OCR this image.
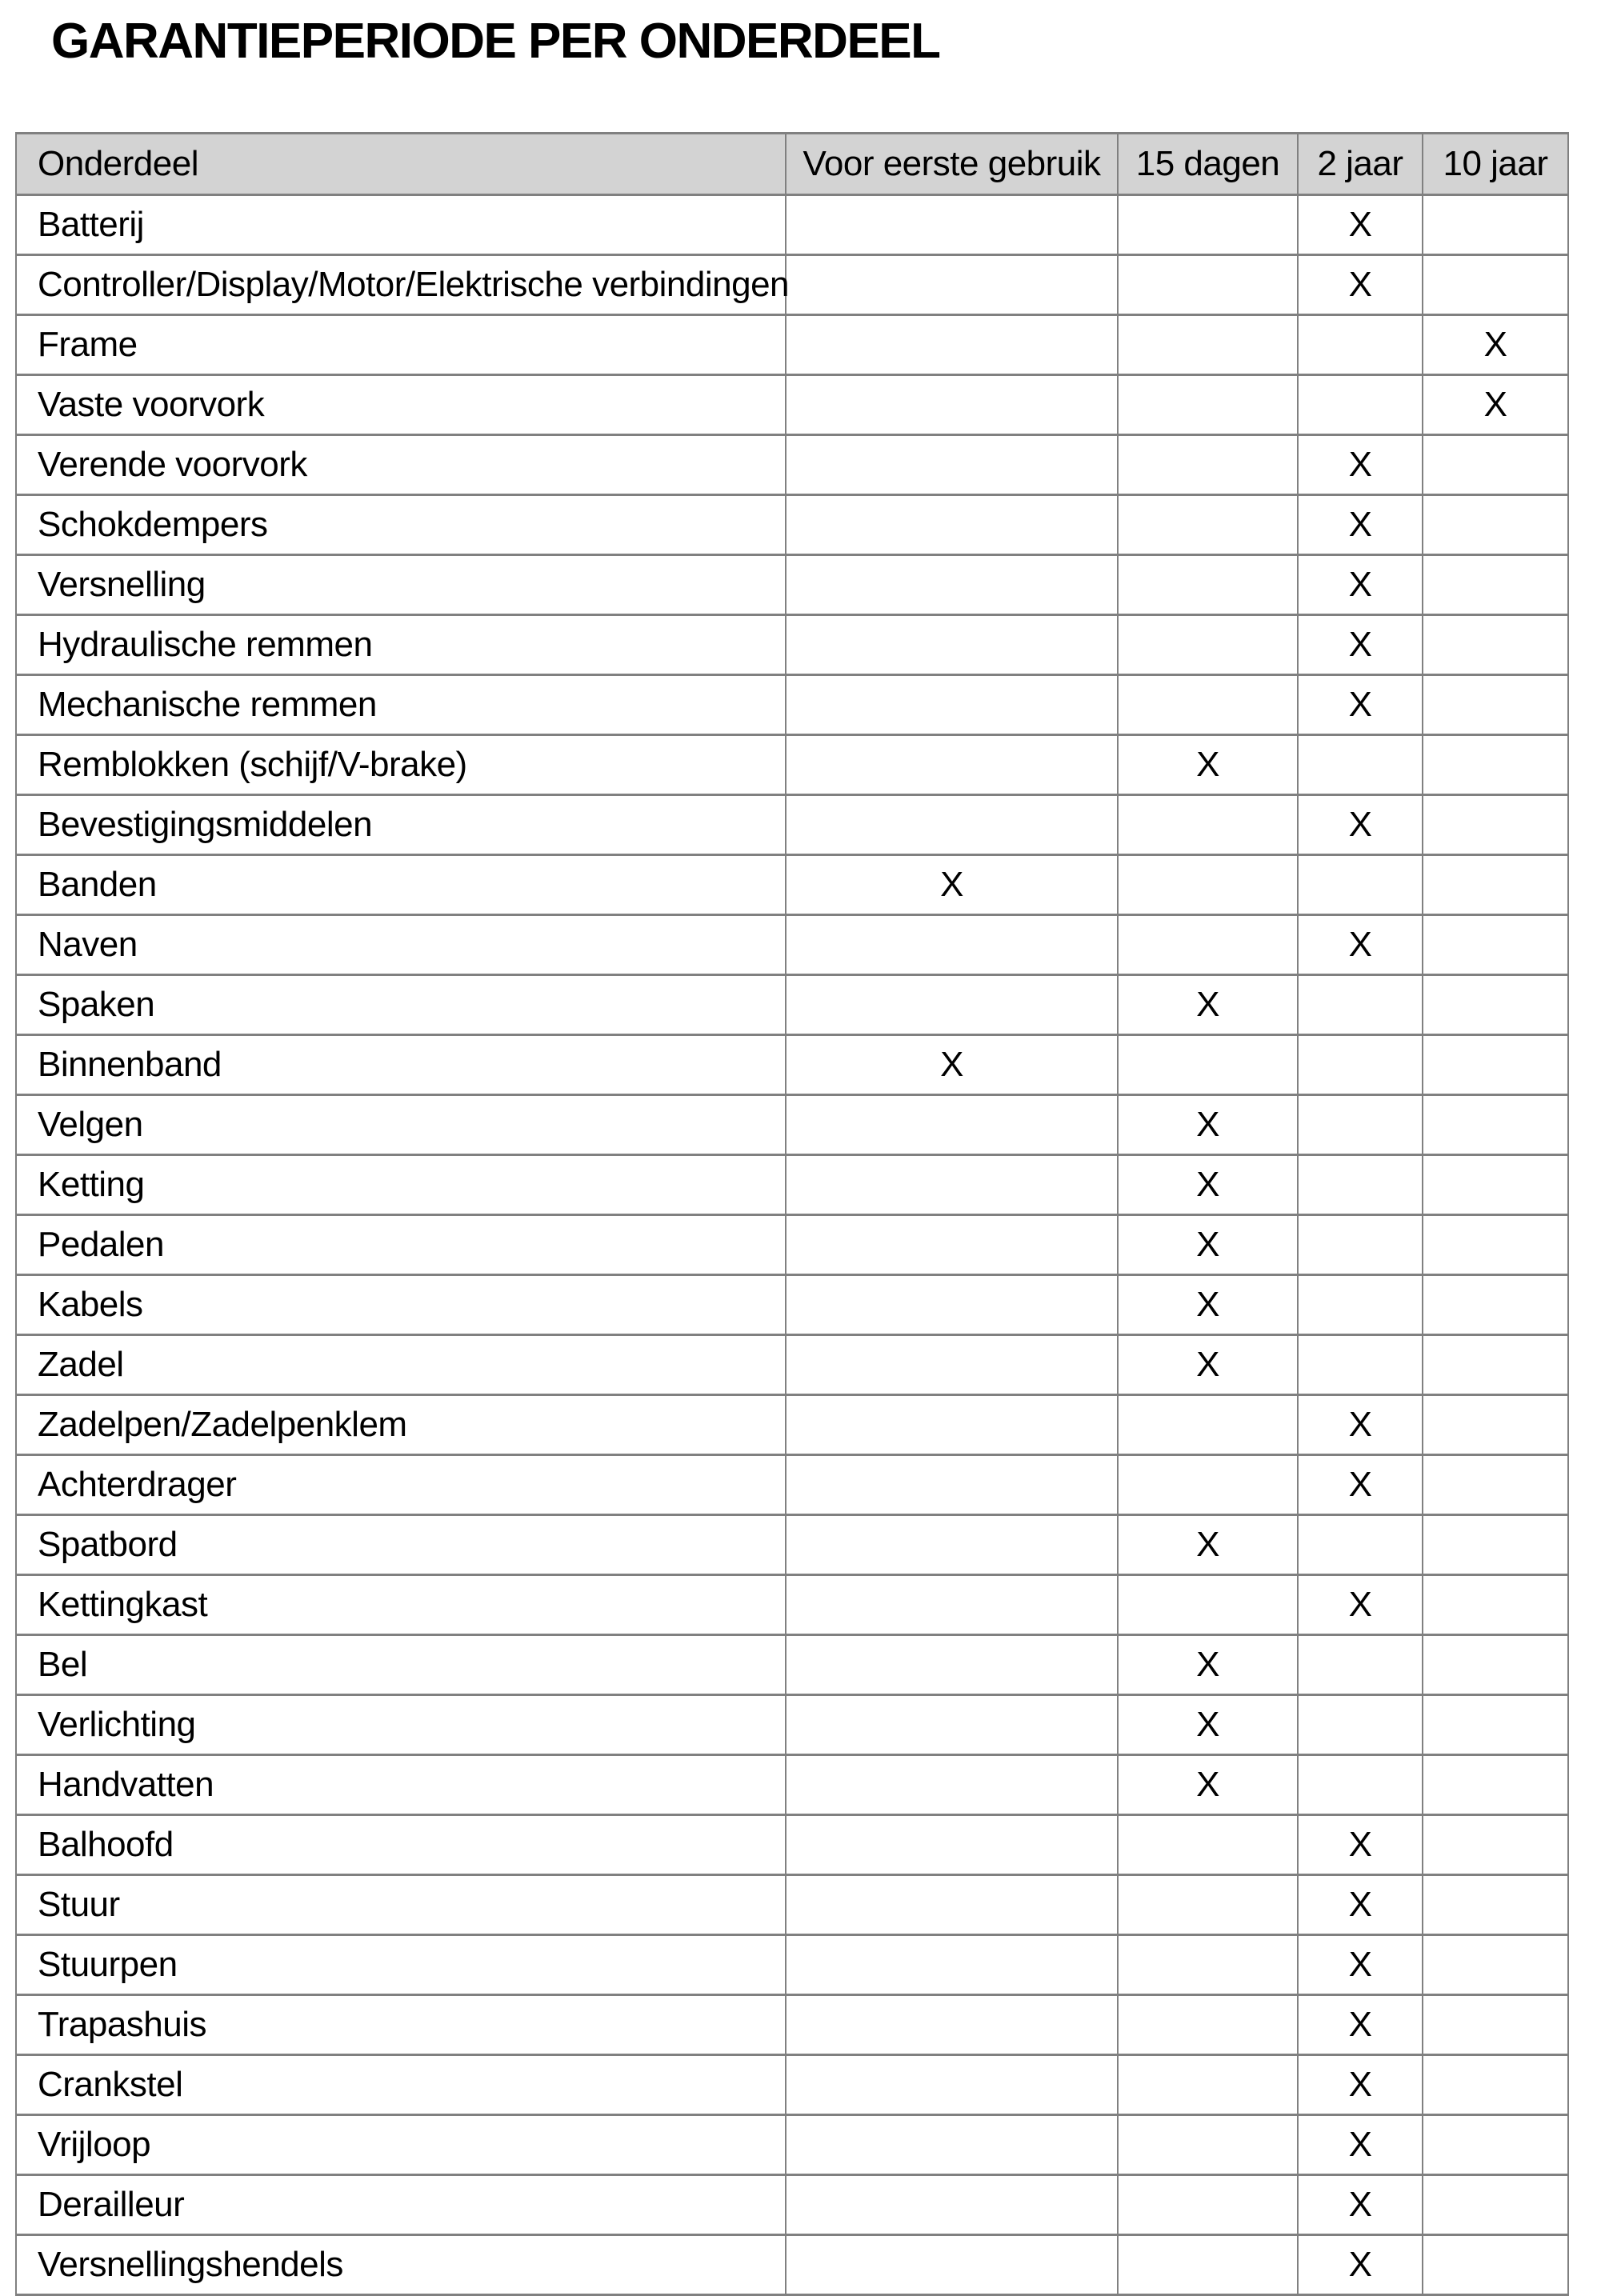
GARANTIEPERIODE PER ONDERDEEL
Onderdeel	Voor eerste gebruik	15 dagen	2 jaar	10 jaar
Batterij			X	
Controller/Display/Motor/Elektrische verbindingen			X	
Frame				X
Vaste voorvork				X
Verende voorvork			X	
Schokdempers			X	
Versnelling			X	
Hydraulische remmen			X	
Mechanische remmen			X	
Remblokken (schijf/V-brake)		X		
Bevestigingsmiddelen			X	
Banden	X			
Naven			X	
Spaken		X		
Binnenband	X			
Velgen		X		
Ketting		X		
Pedalen		X		
Kabels		X		
Zadel		X		
Zadelpen/Zadelpenklem			X	
Achterdrager			X	
Spatbord		X		
Kettingkast			X	
Bel		X		
Verlichting		X		
Handvatten		X		
Balhoofd			X	
Stuur			X	
Stuurpen			X	
Trapashuis			X	
Crankstel			X	
Vrijloop			X	
Derailleur			X	
Versnellingshendels			X	
